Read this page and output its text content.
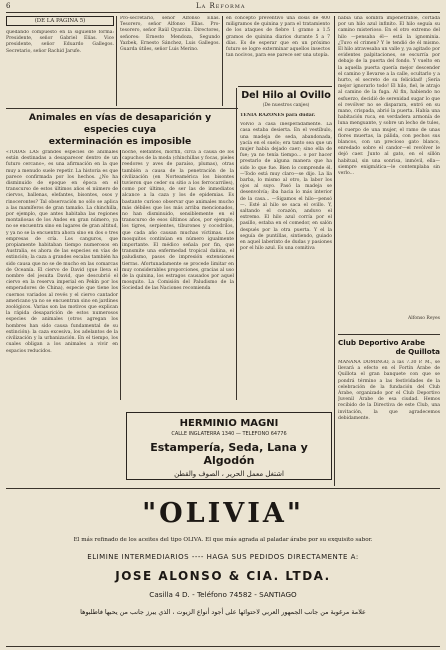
6	La Reforma
(DE LA PAGINA 5)
quedando compuesto en la siguiente forma: Presidente, señor Gabriel Elías. Vice presidente, señor Eduardo Gallegos. Secretario, señor Rachid Jarufe.
Pro-secretario, señor Alfonso Elías. Tesorero, señor Alfonso Elías. Pro-tesorero, señor Raúl Oyarzún. Directores, señores: Ernesto Mendoza, Segundo Yazbek, Ernesto Sánchez, Luis Gallegos. Guarda útiles, señor Luis Merino.
en concepto preventivo una dosis de 400 miligramos de quinina y para el tratamiento de los ataques de fiebre 1 gramo a 1.5 gramos de quinina diarios durante 5 a 7 días. Es de esperar que en un próximo futuro se logre exterminar aquellos insectos tan nocivos, para ese parece ser una utopía.
había una sombra impenetrable, cortada por un hilo azul infinito. El hilo seguía su camino misterioso. En el otro extremo del hilo —pensaba él— está la ignominia. ¿Tuvo el crimen? Y le tendió de él mismo. El hilo atravesaba un valle y, ya agitado por evidentes palpitaciones, se escurría por debajo de la puerta del fondo. Y vuelto en la aquella puerta quería mejor descender el camino y llevarse a la calle, ocultarlo y a hurto, el secreto de su felicidad! ¡Sería mejor ignorarlo todo! El hilo, fiel, le atrajo al camino de la fuga. Al fin, habiendo no esfuerzo, decidió de serenidad sugar lo que el revólver no se disparara, entró en su mano, crispada, abrió la puerta. Había una habitación ruca, en verdadera armonía de luna menguante, y sobre un lecho de tules, el cuerpo de una mujer, el ramo de unas flores muertas, la pálida, con pechos sus blancos, con un precioso gato blanco, enredado sobre el candor—el revólver le dejó caer. Junto al gato, en el sillón habitual, sin una sonrisa, inmóvil, ella—siempre enigmática—le contemplaba sin verlo...
Alfonso Reyes
Animales en vías de desaparición y especies cuya
exterminación es imposible
«TODAS LAS grandes especies de animales están destinadas a desaparecer dentro de un futuro cercano», es una afirmación en la que muy a menudo suele repetir. La historia es que parece confirmada por los hechos. ¿No ha disminuido de epoque en época en el transcurso de estos últimos años el número de ciervos, ballenas, elefantes, bisontes, osos y rinocerontes? Tal observación no sólo se aplica a las mamíferos de gran tamaño. La chinchilla, por ejemplo, que antes habitaba las regiones montañosas de los Andes en gran número, ya no se encuentra sino en lugares de gran altitud, y ya no se la encuentra ahora sino en dos o tres empresas de cría. Los canguros, que propiamente habitaban tiempo numerosos en Australia, es ahora de las especies en vías de extinción; la caza a grandes escalas también ha sido causa que no se de mucho en las comarcas de Oceanía. El ciervo de David (que lleva el nombre del jesuita David, que descubrió el ciervo en la reserva imperial en Pekín por los emperadores de China), especie que tiene los cuernos variados al revés y el ciervo cantador americano ya no se encuentran sino en jardines zoológicos. Varias son las motivos que explican la rápida desaparición de estos numerosos especies de animales (otros agregan los hombres han sido causa fundamental de su extinción): la caza excesiva, los adelantos de la civilización y la urbanización. En el tiempo, los cuales obligan a los animales a vivir en espacios reducidos.
noche, elefantes, morfín, circa a causa de los capuchos de la moda (chinchillas y focas, pieles reedores y aves de paraíso, plumas), otras también a causa de la penetración de la civilización (en Norteamérica los bisontes tuvieron que ceder su sitio a los ferrocarriles), como por último, de ser las de inmediatos alcance a la caza y los de epidemias. Es bastante curioso observar que animales mucho más débiles que los más arriba mencionados, no han disminuido, sensiblemente en el transcurso de esos últimos años, por ejemplo, los tigres, serpientes, tiburones y cocodrilos, que cada año causan muchas víctimas. Los mosquitos continúan en número igualmente importante. El médico señala por fin, que transmite una enfermedad tropical dañina, el paludismo, pasos de impresión extensiones tierras. Afortunadamente se procede limitar en muy considerables proporciones, gracias al uso de la quinina, los estragos causados por aquel mosquito. La Comisión del Paludismo de la Sociedad de las Naciones recomienda
Del Hilo al Ovillo
(De nuestros canjes)
TENIA RAZONES para dudar.
Volvió a casa inesperadamente. La casa estaba desierta. En el vestíbulo, una madeja de seda, abandonada, yacía en el suelo; era tanto sea que un mujer había dejado caer; sino ella de fue; ya no tenía tiempo... o por hacer prestarlo de alguna manera que ha sido lo que fue. Bien lo comprende él. —Todo está muy claro—se dijo. La lía barba, lo mismo al otro, la labor los ojos al suyo. Pasó la madeja se desenvolvía; iba hacia lo más interior de la casa... —Sigamos el hilo—pensó—. Esté al hilo se saca el ovillo. Y, saltando el corazón, anduvo el extremo. El hilo azul corría por el pasillo, estaba en el comedor, en salón después por la otra puerta. Y el la seguía de puntillas, sintiendo, guiado en aquel laberinto de dudas y pasiones por el hilo azul. Es una comitiva
Club Deportivo Arabe
de Quillota
MAÑANA DOMINGO, a las 7.30 P. M., se llevará a efecto en el Fortín Árabe de Quillota el gran banquete con que se pondrá término a las festividades de la celebración de la fundación del Club Árabe, organizado por el Club Deportivo Juvenil Árabe de esa ciudad. Hemos recibido de la Directiva de este Club, una invitación, la que agradecemos debidamente.
HERMINIO MAGNI
CALLE INGLATERRA 1340 — TELEFONO 64776
Estampería, Seda, Lana y Algodón
اشتغل معمل الحرير ، الصوف والقطن
"OLIVIA"
El más refinado de los aceites del tipo OLIVA. El que más agrada al paladar árabe por su exquisito sabor.
ELIMINE INTERMEDIARIOS ---- HAGA SUS PEDIDOS DIRECTAMENTE A:
JOSE ALONSO & CIA. LTDA.
Casilla 4 D. - Teléfono 74582 - SANTIAGO
علامة مرغوبة من جانب الجمهور العربي لاحتوائها على أجود أنواع الزيوت ، الذي يبرز جانب من يحبها فاطلبوها
